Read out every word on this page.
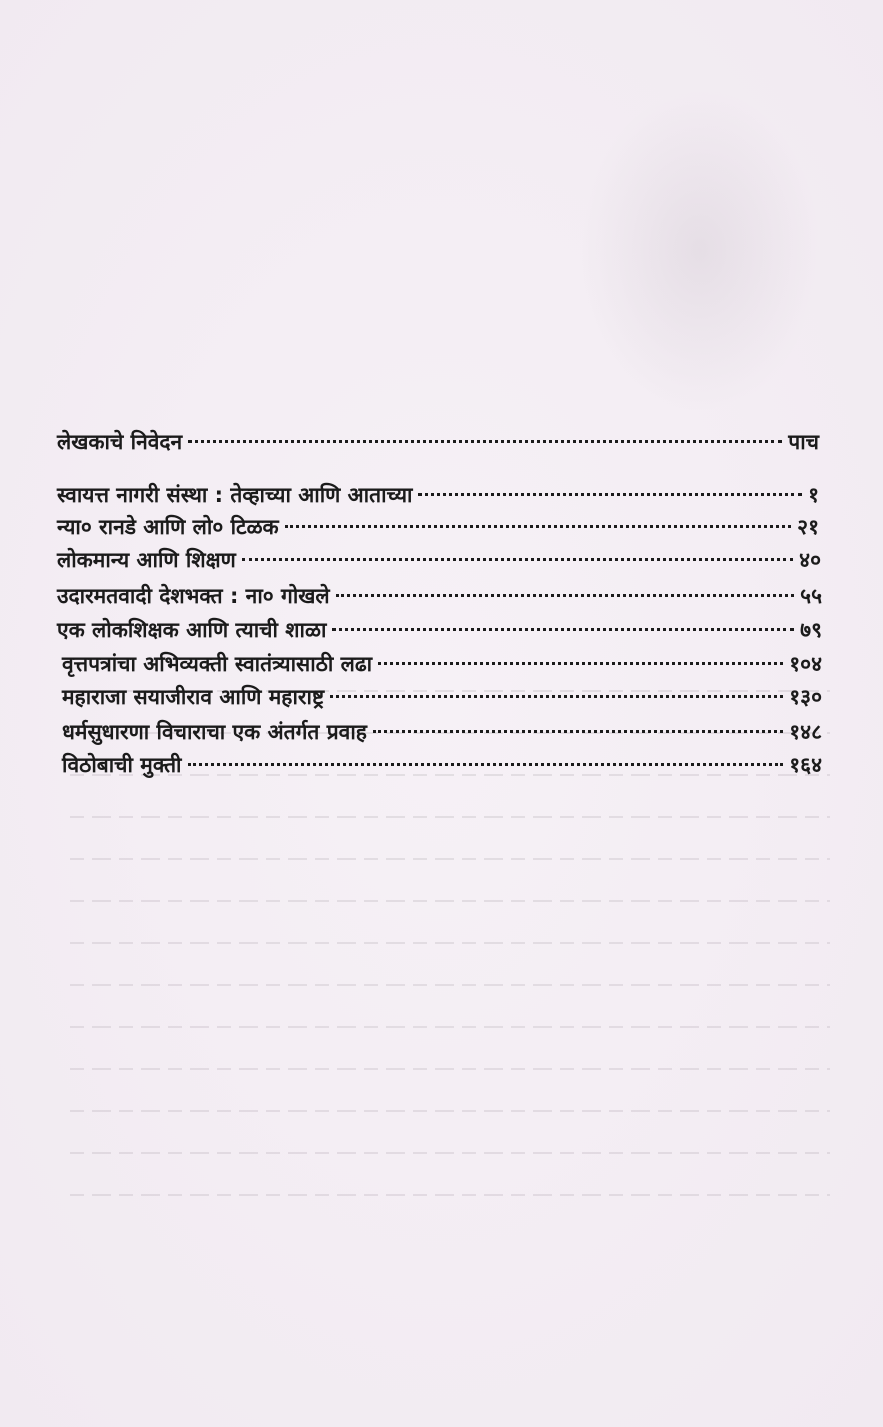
लेखकाचे निवेदन	पाच
स्वायत्त नागरी संस्था : तेव्हाच्या आणि आताच्या	१
न्या० रानडे आणि लो० टिळक	२१
लोकमान्य आणि शिक्षण	४०
उदारमतवादी देशभक्त : ना० गोखले	५५
एक लोकशिक्षक आणि त्याची शाळा	७९
वृत्तपत्रांचा अभिव्यक्ती स्वातंत्र्यासाठी लढा	१०४
महाराजा सयाजीराव आणि महाराष्ट्र	१३०
धर्मसुधारणा विचाराचा एक अंतर्गत प्रवाह	१४८
विठोबाची मुक्ती	१६४
